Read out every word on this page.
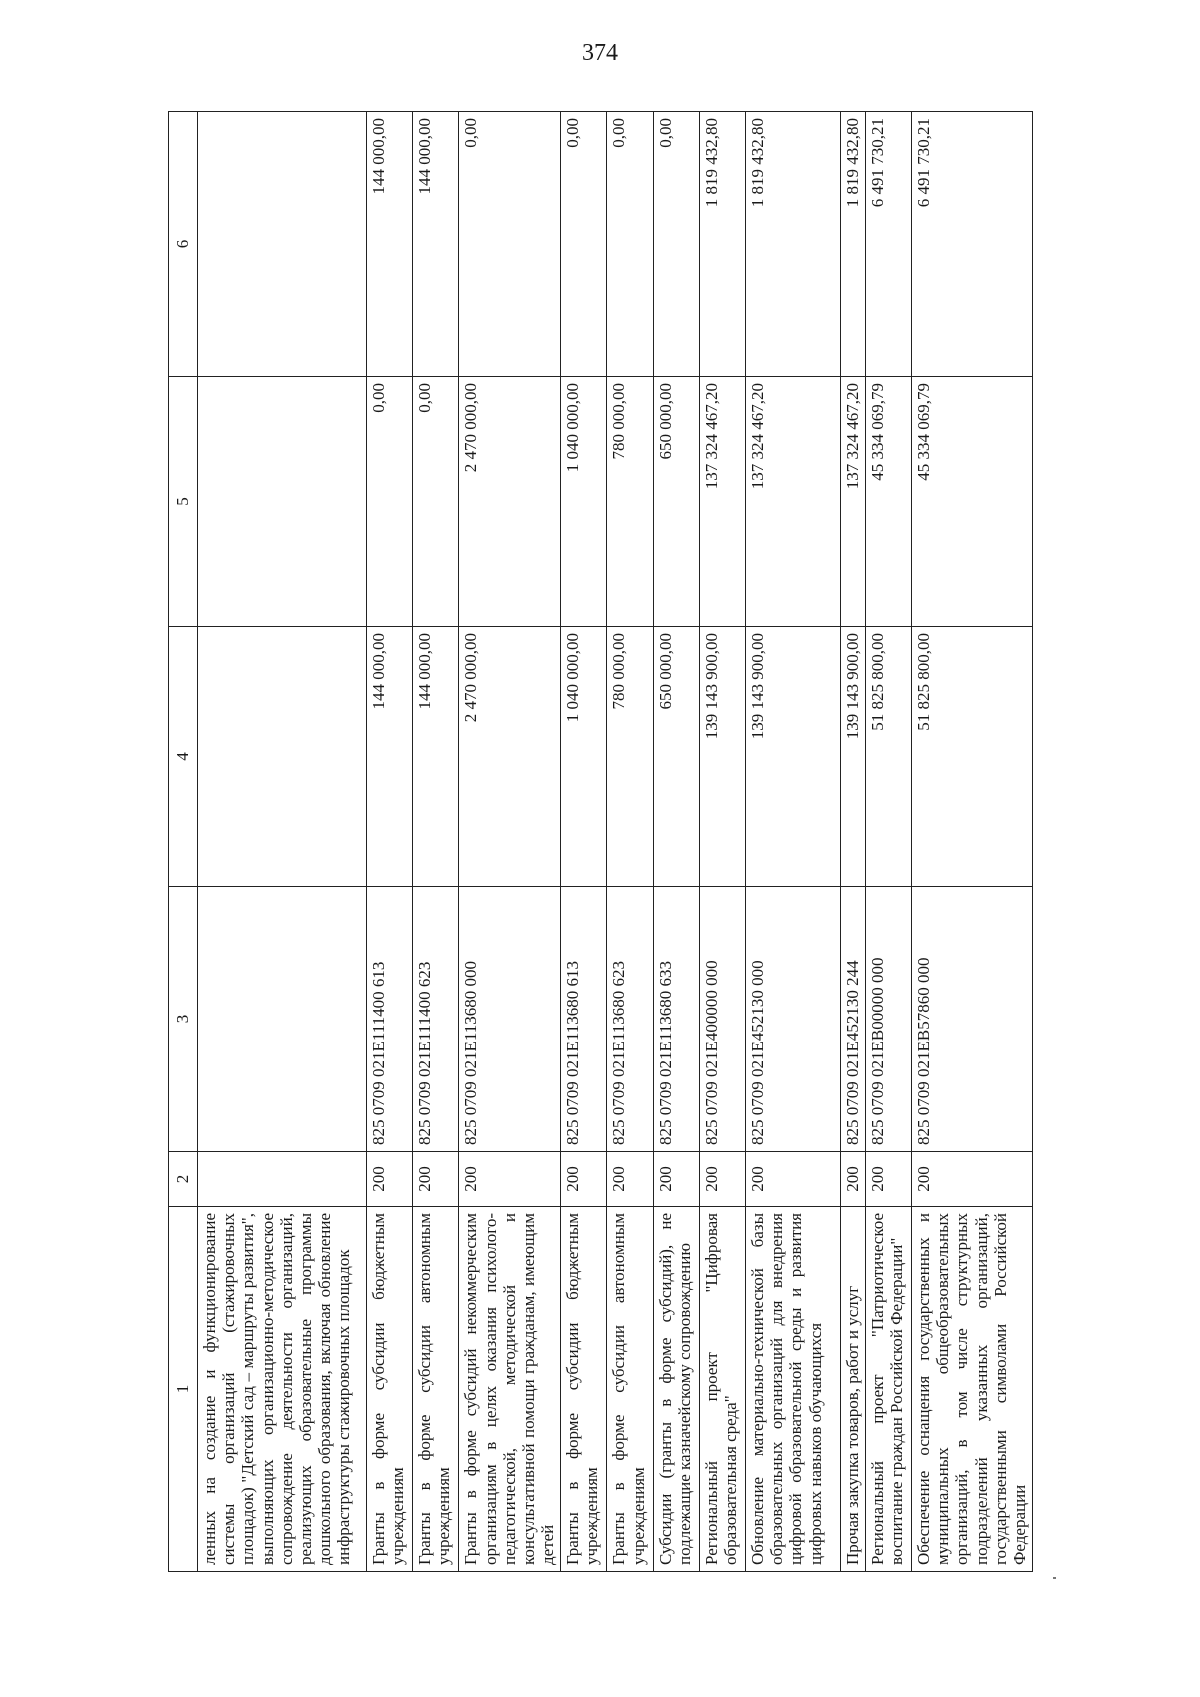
374
1	2	3	4	5	6
ленных на создание и функционирование системы организаций (стажировочных площадок) "Детский сад – маршруты развития", выполняющих организационно-методическое сопровождение деятельности организаций, реализующих образовательные программы дошкольного образования, включая обновление инфраструктуры стажировочных площадок					
Гранты в форме субсидии бюджетным учреждениям	200	825 0709 021E111400 613	144 000,00	0,00	144 000,00
Гранты в форме субсидии автономным учреждениям	200	825 0709 021E111400 623	144 000,00	0,00	144 000,00
Гранты в форме субсидий некоммерческим организациям в целях оказания психолого-педагогической, методической и консультативной помощи гражданам, имеющим детей	200	825 0709 021E113680 000	2 470 000,00	2 470 000,00	0,00
Гранты в форме субсидии бюджетным учреждениям	200	825 0709 021E113680 613	1 040 000,00	1 040 000,00	0,00
Гранты в форме субсидии автономным учреждениям	200	825 0709 021E113680 623	780 000,00	780 000,00	0,00
Субсидии (гранты в форме субсидий), не подлежащие казначейскому сопровождению	200	825 0709 021E113680 633	650 000,00	650 000,00	0,00
Региональный проект "Цифровая образовательная среда"	200	825 0709 021E400000 000	139 143 900,00	137 324 467,20	1 819 432,80
Обновление материально-технической базы образовательных организаций для внедрения цифровой образовательной среды и развития цифровых навыков обучающихся	200	825 0709 021E452130 000	139 143 900,00	137 324 467,20	1 819 432,80
Прочая закупка товаров, работ и услуг	200	825 0709 021E452130 244	139 143 900,00	137 324 467,20	1 819 432,80
Региональный проект "Патриотическое воспитание граждан Российской Федерации"	200	825 0709 021EB00000 000	51 825 800,00	45 334 069,79	6 491 730,21
Обеспечение оснащения государственных и муниципальных общеобразовательных организаций, в том числе структурных подразделений указанных организаций, государственными символами Российской Федерации	200	825 0709 021EB57860 000	51 825 800,00	45 334 069,79	6 491 730,21
